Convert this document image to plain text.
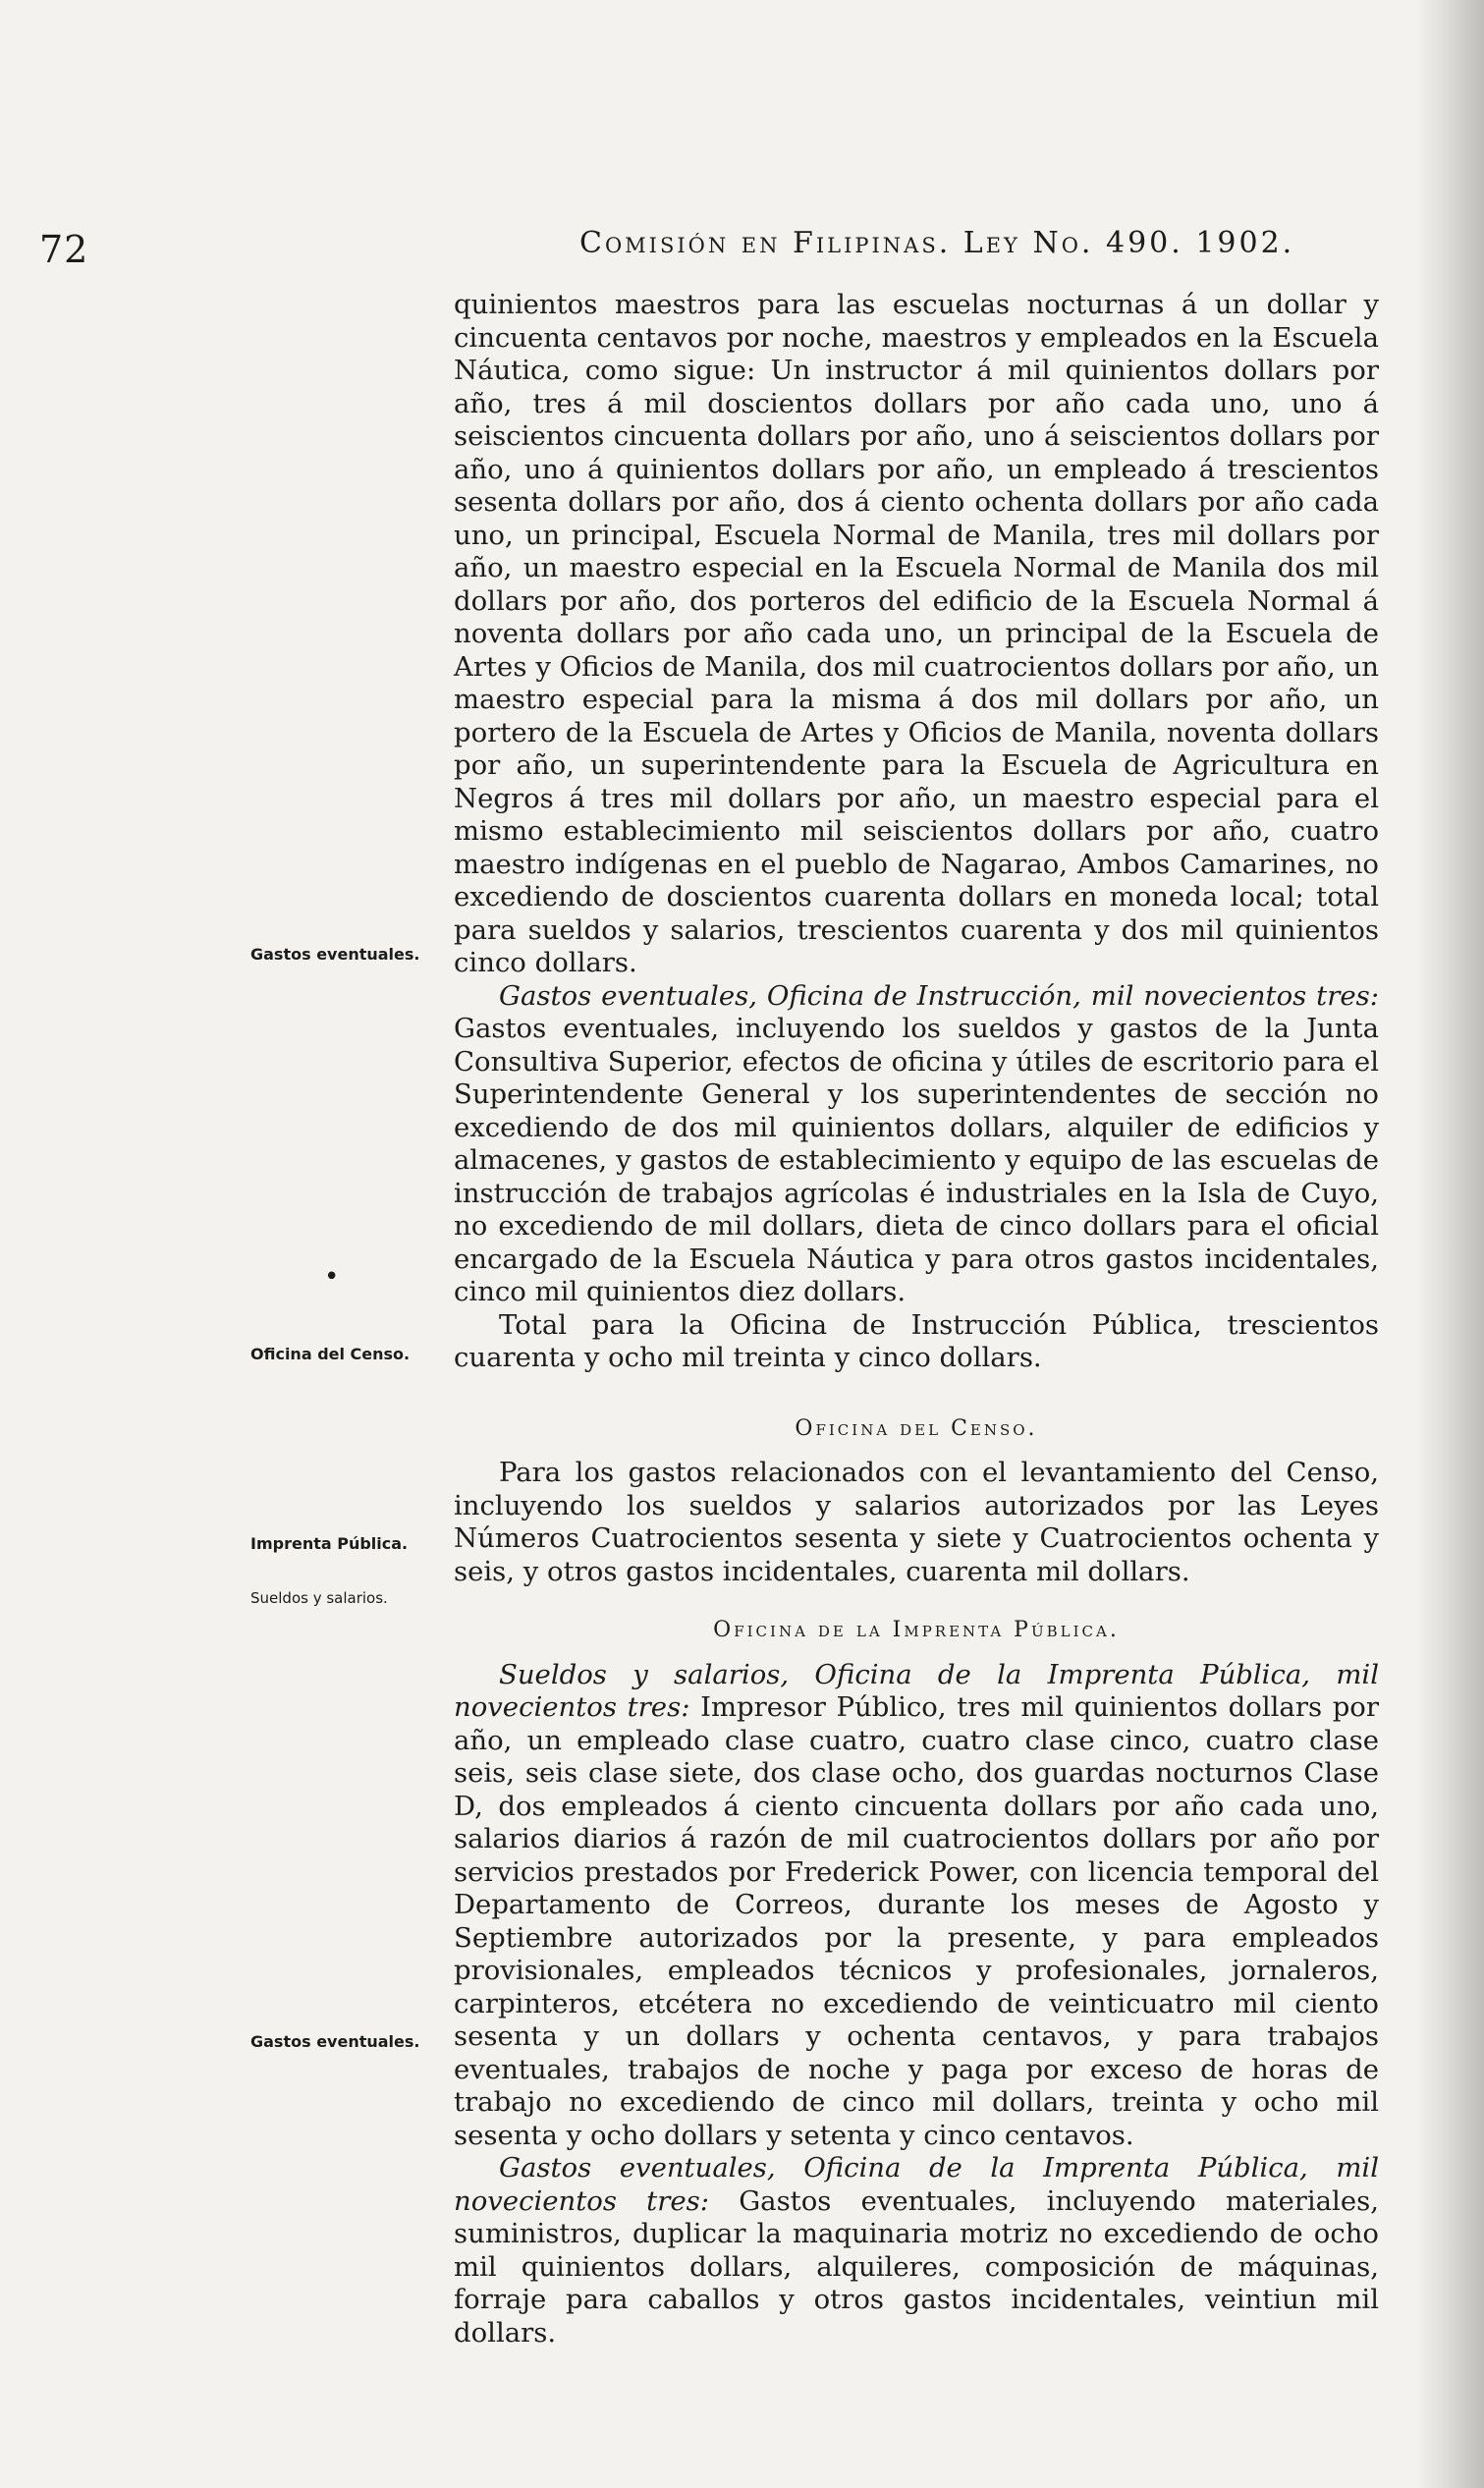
72	Comisión en Filipinas. Ley No. 490. 1902.
Gastos eventuales.
•
Oficina del Censo.
Imprenta Pública.
Sueldos y salarios.
Gastos eventuales.

quinientos maestros para las escuelas nocturnas á un dollar y cincuenta centavos por noche, maestros y empleados en la Escuela Náutica, como sigue: Un instructor á mil quinientos dollars por año, tres á mil doscientos dollars por año cada uno, uno á seiscientos cincuenta dollars por año, uno á seiscientos dollars por año, uno á quinientos dollars por año, un empleado á trescientos sesenta dollars por año, dos á ciento ochenta dollars por año cada uno, un principal, Escuela Normal de Manila, tres mil dollars por año, un maestro especial en la Escuela Normal de Manila dos mil dollars por año, dos porteros del edificio de la Escuela Normal á noventa dollars por año cada uno, un principal de la Escuela de Artes y Oficios de Manila, dos mil cuatrocientos dollars por año, un maestro especial para la misma á dos mil dollars por año, un portero de la Escuela de Artes y Oficios de Manila, noventa dollars por año, un superintendente para la Escuela de Agricultura en Negros á tres mil dollars por año, un maestro especial para el mismo establecimiento mil seiscientos dollars por año, cuatro maestro indígenas en el pueblo de Nagarao, Ambos Camarines, no excediendo de doscientos cuarenta dollars en moneda local; total para sueldos y salarios, trescientos cuarenta y dos mil quinientos cinco dollars.

Gastos eventuales, Oficina de Instrucción, mil novecientos tres: Gastos eventuales, incluyendo los sueldos y gastos de la Junta Consultiva Superior, efectos de oficina y útiles de escritorio para el Superintendente General y los superintendentes de sección no excediendo de dos mil quinientos dollars, alquiler de edificios y almacenes, y gastos de establecimiento y equipo de las escuelas de instrucción de trabajos agrícolas é industriales en la Isla de Cuyo, no excediendo de mil dollars, dieta de cinco dollars para el oficial encargado de la Escuela Náutica y para otros gastos incidentales, cinco mil quinientos diez dollars.

Total para la Oficina de Instrucción Pública, trescientos cuarenta y ocho mil treinta y cinco dollars.

Oficina del Censo.

Para los gastos relacionados con el levantamiento del Censo, incluyendo los sueldos y salarios autorizados por las Leyes Números Cuatrocientos sesenta y siete y Cuatrocientos ochenta y seis, y otros gastos incidentales, cuarenta mil dollars.

Oficina de la Imprenta Pública.

Sueldos y salarios, Oficina de la Imprenta Pública, mil novecientos tres: Impresor Público, tres mil quinientos dollars por año, un empleado clase cuatro, cuatro clase cinco, cuatro clase seis, seis clase siete, dos clase ocho, dos guardas nocturnos Clase D, dos empleados á ciento cincuenta dollars por año cada uno, salarios diarios á razón de mil cuatrocientos dollars por año por servicios prestados por Frederick Power, con licencia temporal del Departamento de Correos, durante los meses de Agosto y Septiembre autorizados por la presente, y para empleados provisionales, empleados técnicos y profesionales, jornaleros, carpinteros, etcétera no excediendo de veinticuatro mil ciento sesenta y un dollars y ochenta centavos, y para trabajos eventuales, trabajos de noche y paga por exceso de horas de trabajo no excediendo de cinco mil dollars, treinta y ocho mil sesenta y ocho dollars y setenta y cinco centavos.

Gastos eventuales, Oficina de la Imprenta Pública, mil novecientos tres: Gastos eventuales, incluyendo materiales, suministros, duplicar la maquinaria motriz no excediendo de ocho mil quinientos dollars, alquileres, composición de máquinas, forraje para caballos y otros gastos incidentales, veintiun mil dollars.
